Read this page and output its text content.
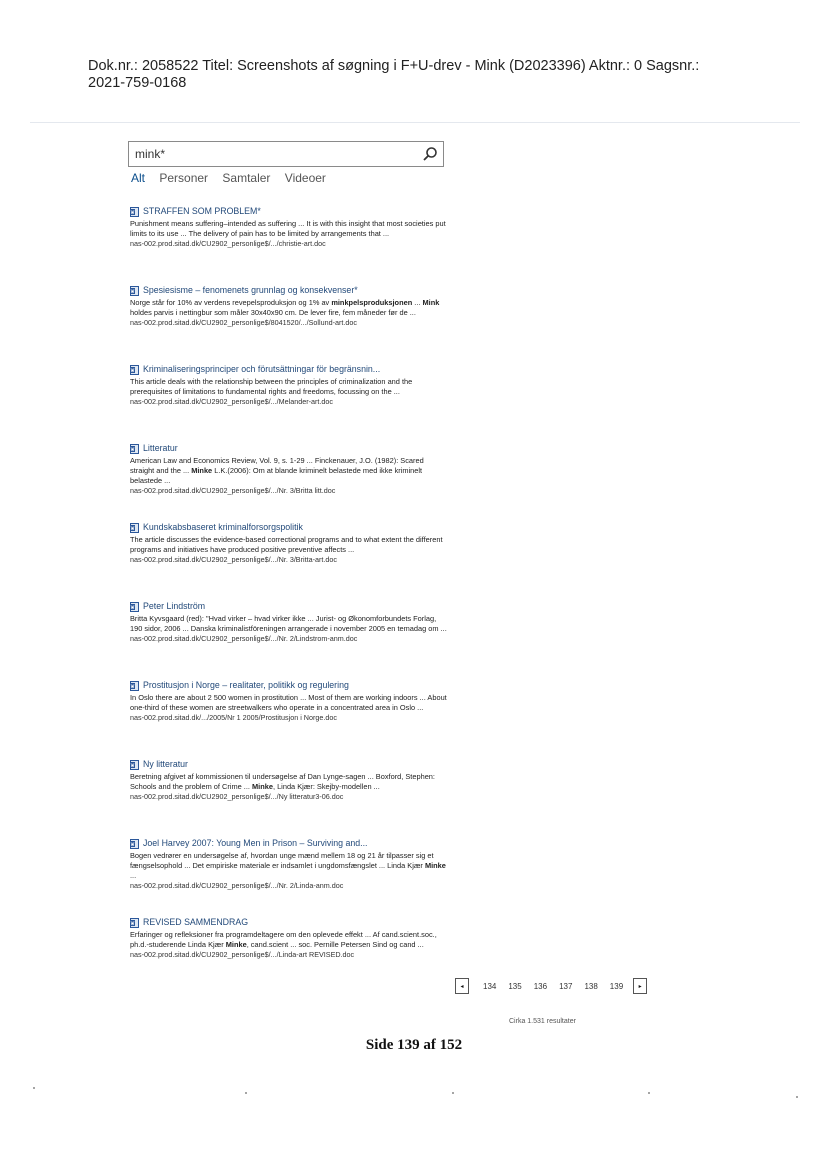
Dok.nr.: 2058522 Titel: Screenshots af søgning i F+U-drev - Mink (D2023396) Aktnr.: 0 Sagsnr.:
2021-759-0168
mink*
Alt Personer Samtaler Videoer
STRAFFEN SOM PROBLEM*
Punishment means suffering–intended as suffering ... It is with this insight that most societies put limits to its use ... The delivery of pain has to be limited by arrangements that ...
nas-002.prod.sitad.dk/CU2902_personlige$/.../christie-art.doc
Spesiesisme – fenomenets grunnlag og konsekvenser*
Norge står for 10% av verdens revepelsproduksjon og 1% av minkpelsproduksjonen ... Mink holdes parvis i nettingbur som måler 30x40x90 cm. De lever fire, fem måneder før de ...
nas-002.prod.sitad.dk/CU2902_personlige$/8041520/.../Sollund-art.doc
Kriminaliseringsprinciper och förutsättningar för begränsnin...
This article deals with the relationship between the principles of criminalization and the prerequisites of limitations to fundamental rights and freedoms, focussing on the ...
nas-002.prod.sitad.dk/CU2902_personlige$/.../Melander-art.doc
Litteratur
American Law and Economics Review, Vol. 9, s. 1-29 ... Finckenauer, J.O. (1982): Scared straight and the ... Minke L.K.(2006): Om at blande kriminelt belastede med ikke kriminelt belastede ...
nas-002.prod.sitad.dk/CU2902_personlige$/.../Nr. 3/Britta litt.doc
Kundskabsbaseret kriminalforsorgspolitik
The article discusses the evidence-based correctional programs and to what extent the different programs and initiatives have produced positive preventive affects ...
nas-002.prod.sitad.dk/CU2902_personlige$/.../Nr. 3/Britta-art.doc
Peter Lindström
Britta Kyvsgaard (red): "Hvad virker – hvad virker ikke ... Jurist- og Økonomforbundets Forlag, 190 sidor, 2006 ... Danska kriminalistföreningen arrangerade i november 2005 en temadag om ...
nas-002.prod.sitad.dk/CU2902_personlige$/.../Nr. 2/Lindstrom-anm.doc
Prostitusjon i Norge – realitater, politikk og regulering
In Oslo there are about 2 500 women in prostitution ... Most of them are working indoors ... About one-third of these women are streetwalkers who operate in a concentrated area in Oslo ...
nas-002.prod.sitad.dk/.../2005/Nr 1 2005/Prostitusjon i Norge.doc
Ny litteratur
Beretning afgivet af kommissionen til undersøgelse af Dan Lynge-sagen ... Boxford, Stephen: Schools and the problem of Crime ... Minke, Linda Kjær: Skejby-modellen ...
nas-002.prod.sitad.dk/CU2902_personlige$/.../Ny litteratur3-06.doc
Joel Harvey 2007: Young Men in Prison – Surviving and...
Bogen vedrører en undersøgelse af, hvordan unge mænd mellem 18 og 21 år tilpasser sig et fængselsophold ... Det empiriske materiale er indsamlet i ungdomsfængslet ... Linda Kjær Minke ...
nas-002.prod.sitad.dk/CU2902_personlige$/.../Nr. 2/Linda-anm.doc
REVISED SAMMENDRAG
Erfaringer og refleksioner fra programdeltagere om den oplevede effekt ... Af cand.scient.soc., ph.d.-studerende Linda Kjær Minke, cand.scient ... soc. Pernille Petersen Sind og cand ...
nas-002.prod.sitad.dk/CU2902_personlige$/.../Linda-art REVISED.doc
◂	134 135 136 137 138 139	▸
Cirka 1.531 resultater
Side 139 af 152
